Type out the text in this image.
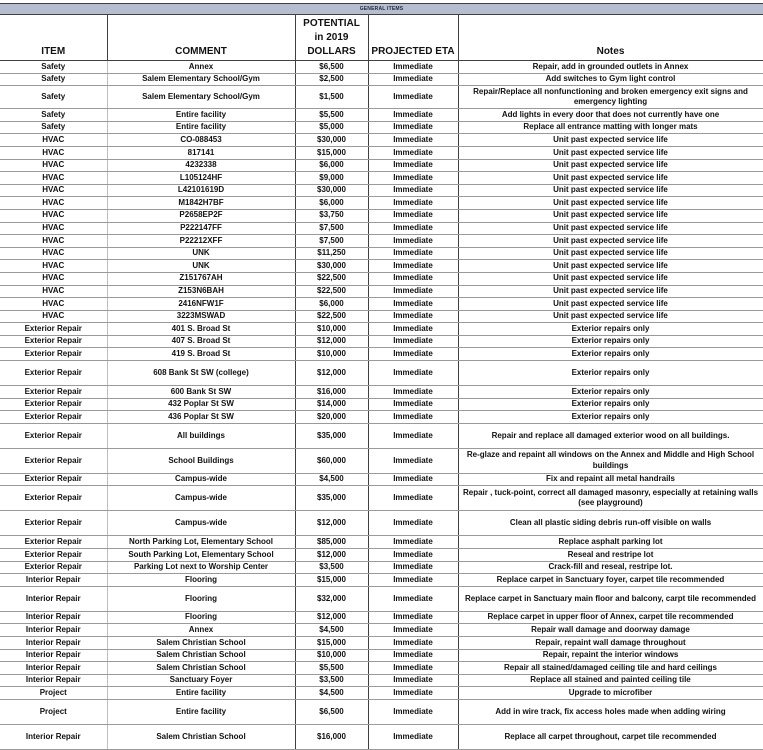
GENERAL ITEMS
ITEM	COMMENT	POTENTIAL in 2019 DOLLARS	PROJECTED ETA	Notes
Safety	Annex	$6,500	Immediate	Repair, add in grounded outlets in Annex
Safety	Salem Elementary School/Gym	$2,500	Immediate	Add switches to Gym light control
Safety	Salem Elementary School/Gym	$1,500	Immediate	Repair/Replace all nonfunctioning and broken emergency exit signs and emergency lighting
Safety	Entire facility	$5,500	Immediate	Add lights in every door that does not currently have one
Safety	Entire facility	$5,000	Immediate	Replace all entrance matting with longer mats
HVAC	CO-088453	$30,000	Immediate	Unit past expected service life
HVAC	817141	$15,000	Immediate	Unit past expected service life
HVAC	4232338	$6,000	Immediate	Unit past expected service life
HVAC	L105124HF	$9,000	Immediate	Unit past expected service life
HVAC	L42101619D	$30,000	Immediate	Unit past expected service life
HVAC	M1842H7BF	$6,000	Immediate	Unit past expected service life
HVAC	P2658EP2F	$3,750	Immediate	Unit past expected service life
HVAC	P222147FF	$7,500	Immediate	Unit past expected service life
HVAC	P22212XFF	$7,500	Immediate	Unit past expected service life
HVAC	UNK	$11,250	Immediate	Unit past expected service life
HVAC	UNK	$30,000	Immediate	Unit past expected service life
HVAC	Z151767AH	$22,500	Immediate	Unit past expected service life
HVAC	Z153N6BAH	$22,500	Immediate	Unit past expected service life
HVAC	2416NFW1F	$6,000	Immediate	Unit past expected service life
HVAC	3223MSWAD	$22,500	Immediate	Unit past expected service life
Exterior Repair	401 S. Broad St	$10,000	Immediate	Exterior repairs only
Exterior Repair	407 S. Broad St	$12,000	Immediate	Exterior repairs only
Exterior Repair	419 S. Broad St	$10,000	Immediate	Exterior repairs only
Exterior Repair	608 Bank St SW (college)	$12,000	Immediate	Exterior repairs only
Exterior Repair	600 Bank St SW	$16,000	Immediate	Exterior repairs only
Exterior Repair	432 Poplar St SW	$14,000	Immediate	Exterior repairs only
Exterior Repair	436 Poplar St SW	$20,000	Immediate	Exterior repairs only
Exterior Repair	All buildings	$35,000	Immediate	Repair and replace all damaged exterior wood on all buildings.
Exterior Repair	School Buildings	$60,000	Immediate	Re-glaze and repaint all windows on the Annex and Middle and High School buildings
Exterior Repair	Campus-wide	$4,500	Immediate	Fix and repaint all metal handrails
Exterior Repair	Campus-wide	$35,000	Immediate	Repair , tuck-point, correct all damaged masonry, especially at retaining walls (see playground)
Exterior Repair	Campus-wide	$12,000	Immediate	Clean all plastic siding debris run-off visible on walls
Exterior Repair	North Parking Lot, Elementary School	$85,000	Immediate	Replace asphalt parking lot
Exterior Repair	South Parking Lot, Elementary School	$12,000	Immediate	Reseal and restripe lot
Exterior Repair	Parking Lot next to Worship Center	$3,500	Immediate	Crack-fill and reseal, restripe lot.
Interior Repair	Flooring	$15,000	Immediate	Replace carpet in Sanctuary foyer, carpet tile recommended
Interior Repair	Flooring	$32,000	Immediate	Replace carpet in Sanctuary main floor and balcony, carpt tile recommended
Interior Repair	Flooring	$12,000	Immediate	Replace carpet in upper floor of Annex, carpet tile recommended
Interior Repair	Annex	$4,500	Immediate	Repair wall damage and doorway damage
Interior Repair	Salem Christian School	$15,000	Immediate	Repair, repaint wall damage throughout
Interior Repair	Salem Christian School	$10,000	Immediate	Repair, repaint the interior windows
Interior Repair	Salem Christian School	$5,500	Immediate	Repair all stained/damaged ceiling tile and hard ceilings
Interior Repair	Sanctuary Foyer	$3,500	Immediate	Replace all stained and painted ceiling tile
Project	Entire facility	$4,500	Immediate	Upgrade to microfiber
Project	Entire facility	$6,500	Immediate	Add in wire track, fix access holes made when adding wiring
Interior Repair	Salem Christian School	$16,000	Immediate	Replace all carpet throughout, carpet tile recommended
